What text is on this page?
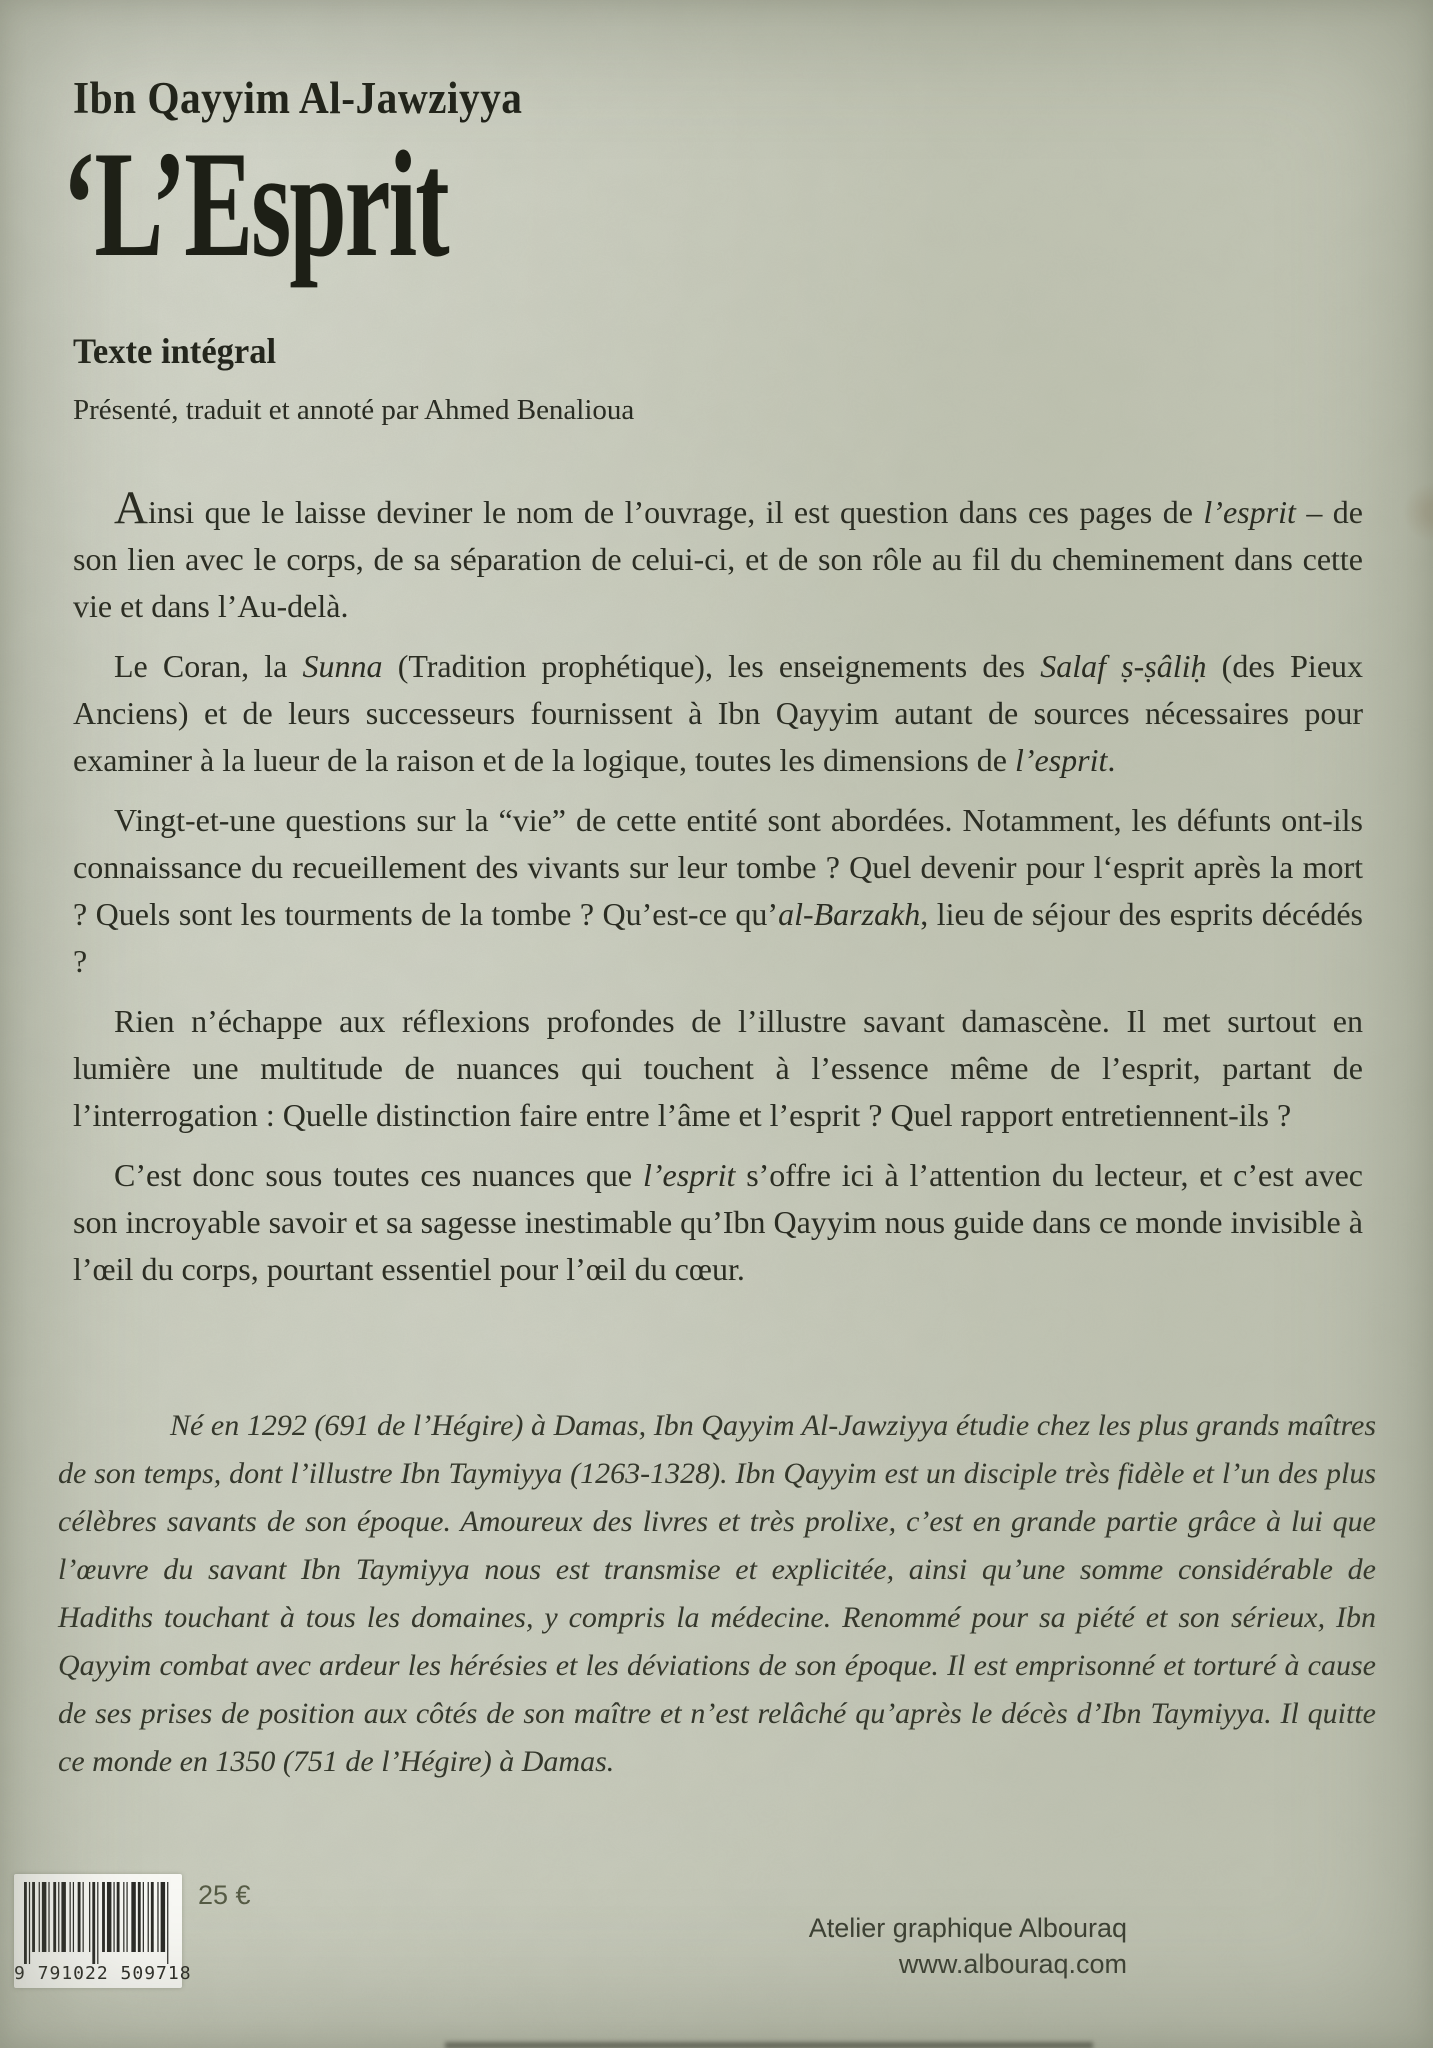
Ibn Qayyim Al-Jawziyya
‘L’Esprit
Texte intégral
Présenté, traduit et annoté par Ahmed Benalioua

Ainsi que le laisse deviner le nom de l’ouvrage, il est question dans ces pages de l’esprit – de son lien avec le corps, de sa séparation de celui-ci, et de son rôle au fil du cheminement dans cette vie et dans l’Au-delà.

Le Coran, la Sunna (Tradition prophétique), les enseignements des Salaf ṣ-ṣâliḥ (des Pieux Anciens) et de leurs successeurs fournissent à Ibn Qayyim autant de sources nécessaires pour examiner à la lueur de la raison et de la logique, toutes les dimensions de l’esprit.

Vingt-et-une questions sur la “vie” de cette entité sont abordées. Notamment, les défunts ont-ils connaissance du recueillement des vivants sur leur tombe ? Quel devenir pour l‘esprit après la mort ? Quels sont les tourments de la tombe ? Qu’est-ce qu’al-Barzakh, lieu de séjour des esprits décédés ?

Rien n’échappe aux réflexions profondes de l’illustre savant damascène. Il met surtout en lumière une multitude de nuances qui touchent à l’essence même de l’esprit, partant de l’interrogation : Quelle distinction faire entre l’âme et l’esprit ? Quel rapport entretiennent-ils ?

C’est donc sous toutes ces nuances que l’esprit s’offre ici à l’attention du lecteur, et c’est avec son incroyable savoir et sa sagesse inestimable qu’Ibn Qayyim nous guide dans ce monde invisible à l’œil du corps, pourtant essentiel pour l’œil du cœur.

Né en 1292 (691 de l’Hégire) à Damas, Ibn Qayyim Al-Jawziyya étudie chez les plus grands maîtres de son temps, dont l’illustre Ibn Taymiyya (1263-1328). Ibn Qayyim est un disciple très fidèle et l’un des plus célèbres savants de son époque. Amoureux des livres et très prolixe, c’est en grande partie grâce à lui que l’œuvre du savant Ibn Taymiyya nous est transmise et explicitée, ainsi qu’une somme considérable de Hadiths touchant à tous les domaines, y compris la médecine. Renommé pour sa piété et son sérieux, Ibn Qayyim combat avec ardeur les hérésies et les déviations de son époque. Il est emprisonné et torturé à cause de ses prises de position aux côtés de son maître et n’est relâché qu’après le décès d’Ibn Taymiyya. Il quitte ce monde en 1350 (751 de l’Hégire) à Damas.

9 791022 509718
25 €
Atelier graphique Albouraq
www.albouraq.com
